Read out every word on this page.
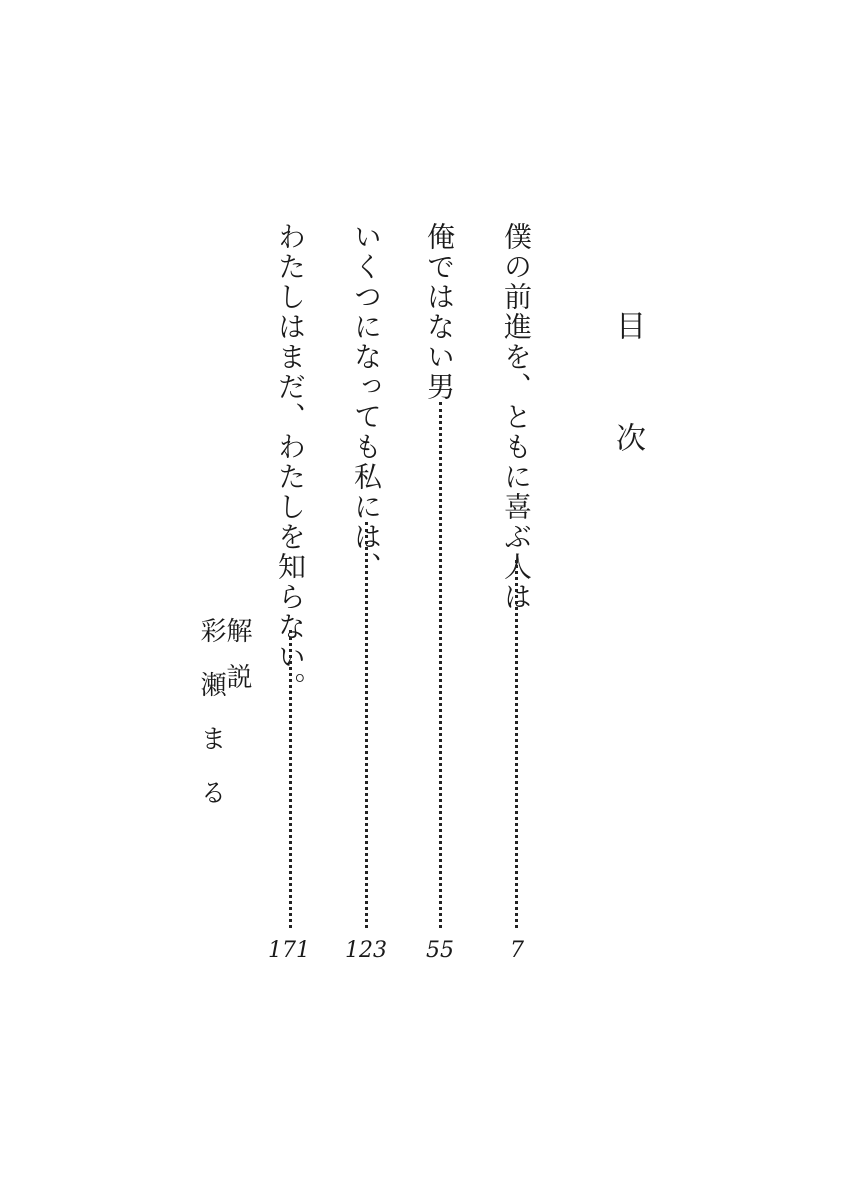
目次
僕の前進を、ともに喜ぶ人は
7
俺ではない男
55
いくつになっても私には、
123
わたしはまだ、わたしを知らない。
171
解説
彩瀬まる
